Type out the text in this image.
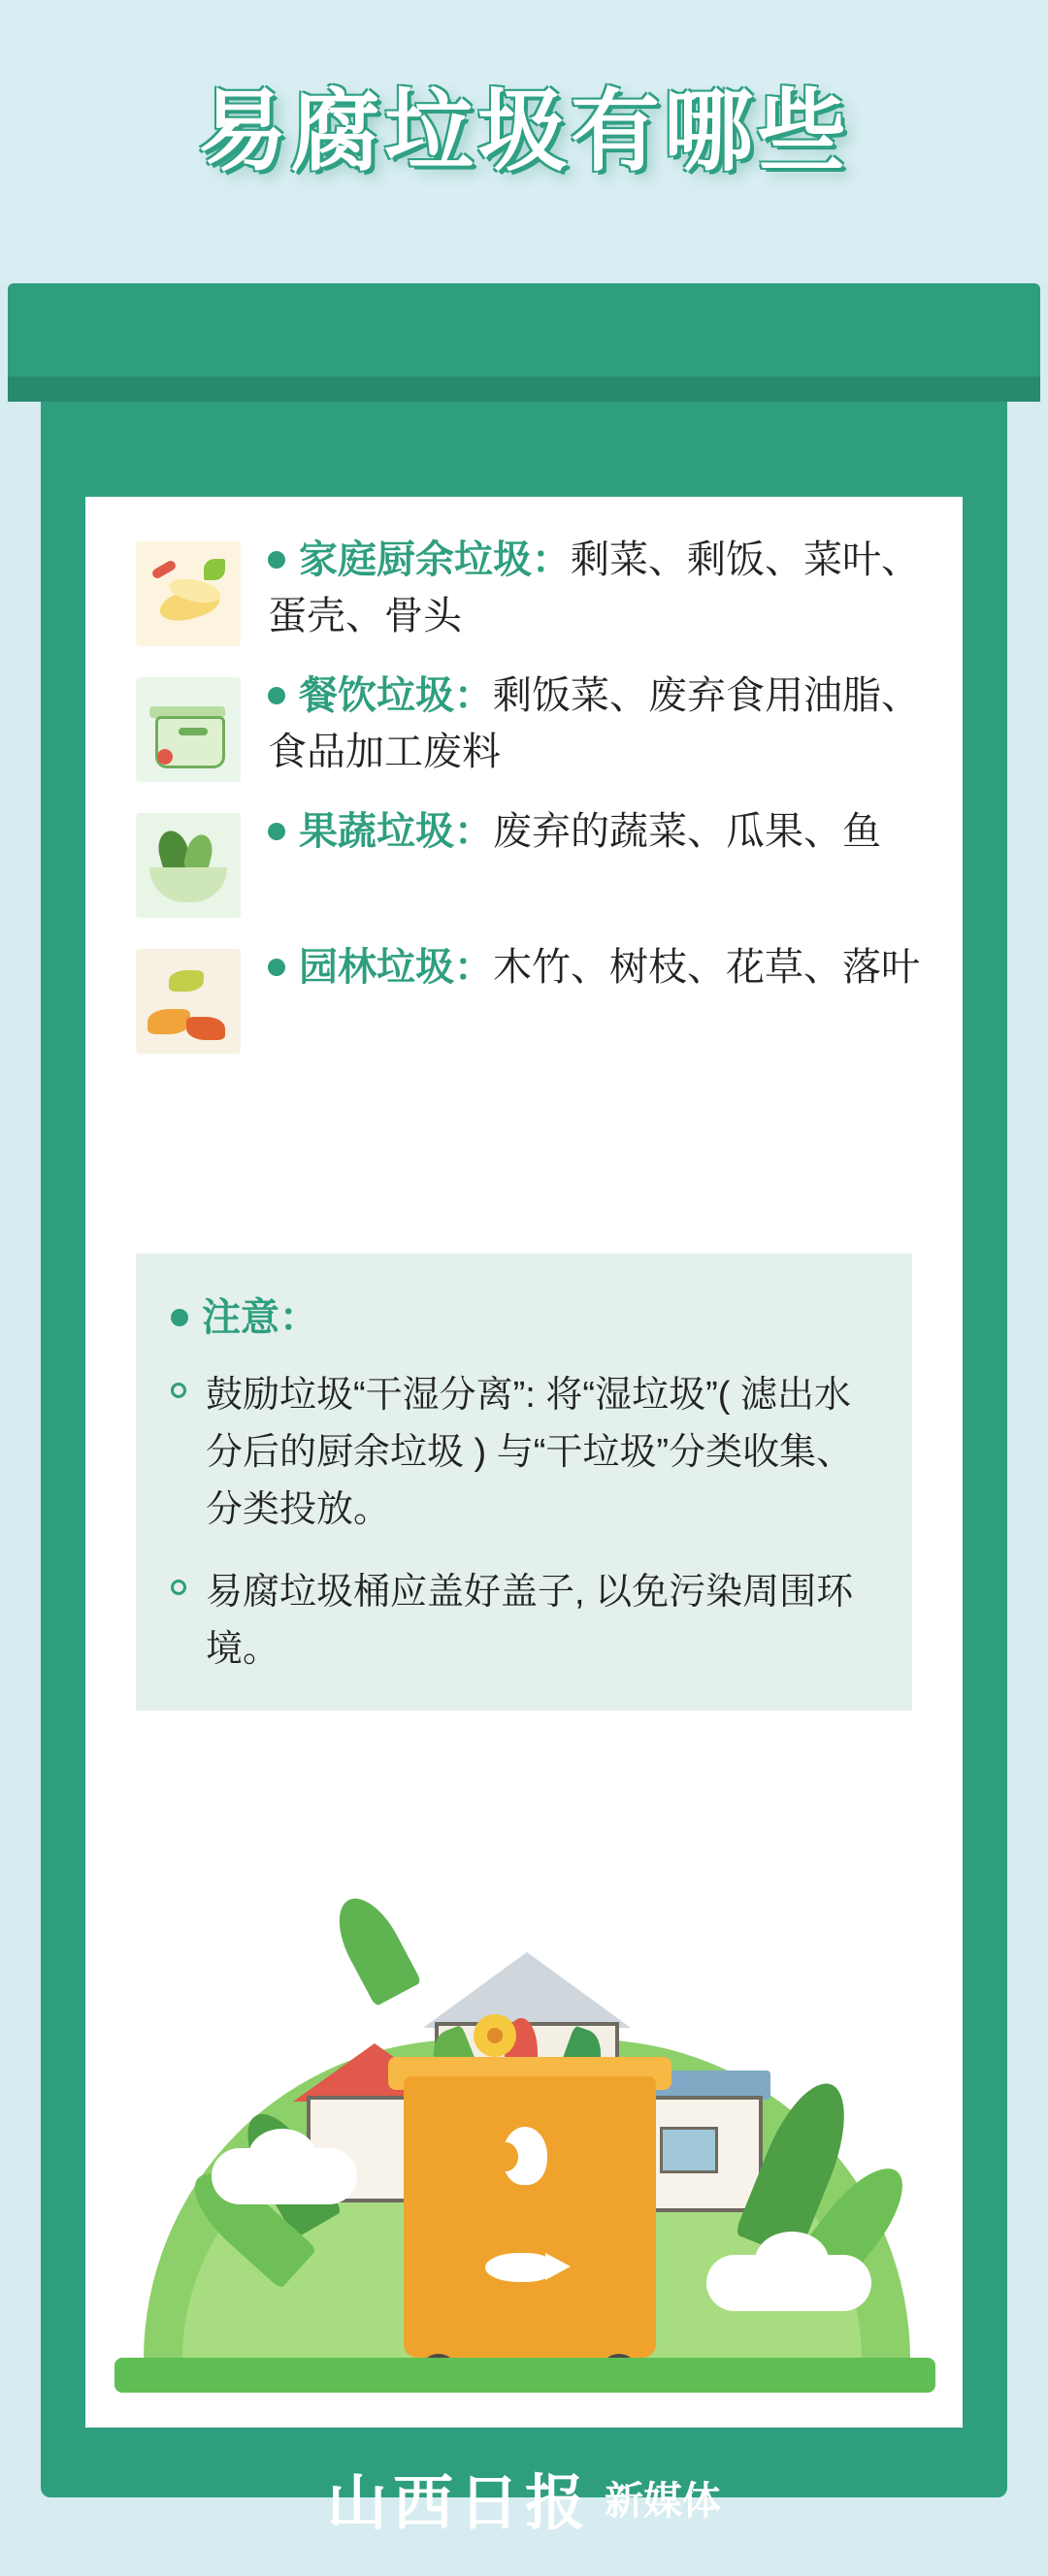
易腐垃圾有哪些
家庭厨余垃圾：剩菜、剩饭、菜叶、蛋壳、骨头
餐饮垃圾：剩饭菜、废弃食用油脂、食品加工废料
果蔬垃圾：废弃的蔬菜、瓜果、鱼
园林垃圾：木竹、树枝、花草、落叶
注意：
鼓励垃圾“干湿分离”: 将“湿垃圾”( 滤出水分后的厨余垃圾 ) 与“干垃圾”分类收集、分类投放。
易腐垃圾桶应盖好盖子, 以免污染周围环境。
山西日报 新媒体
